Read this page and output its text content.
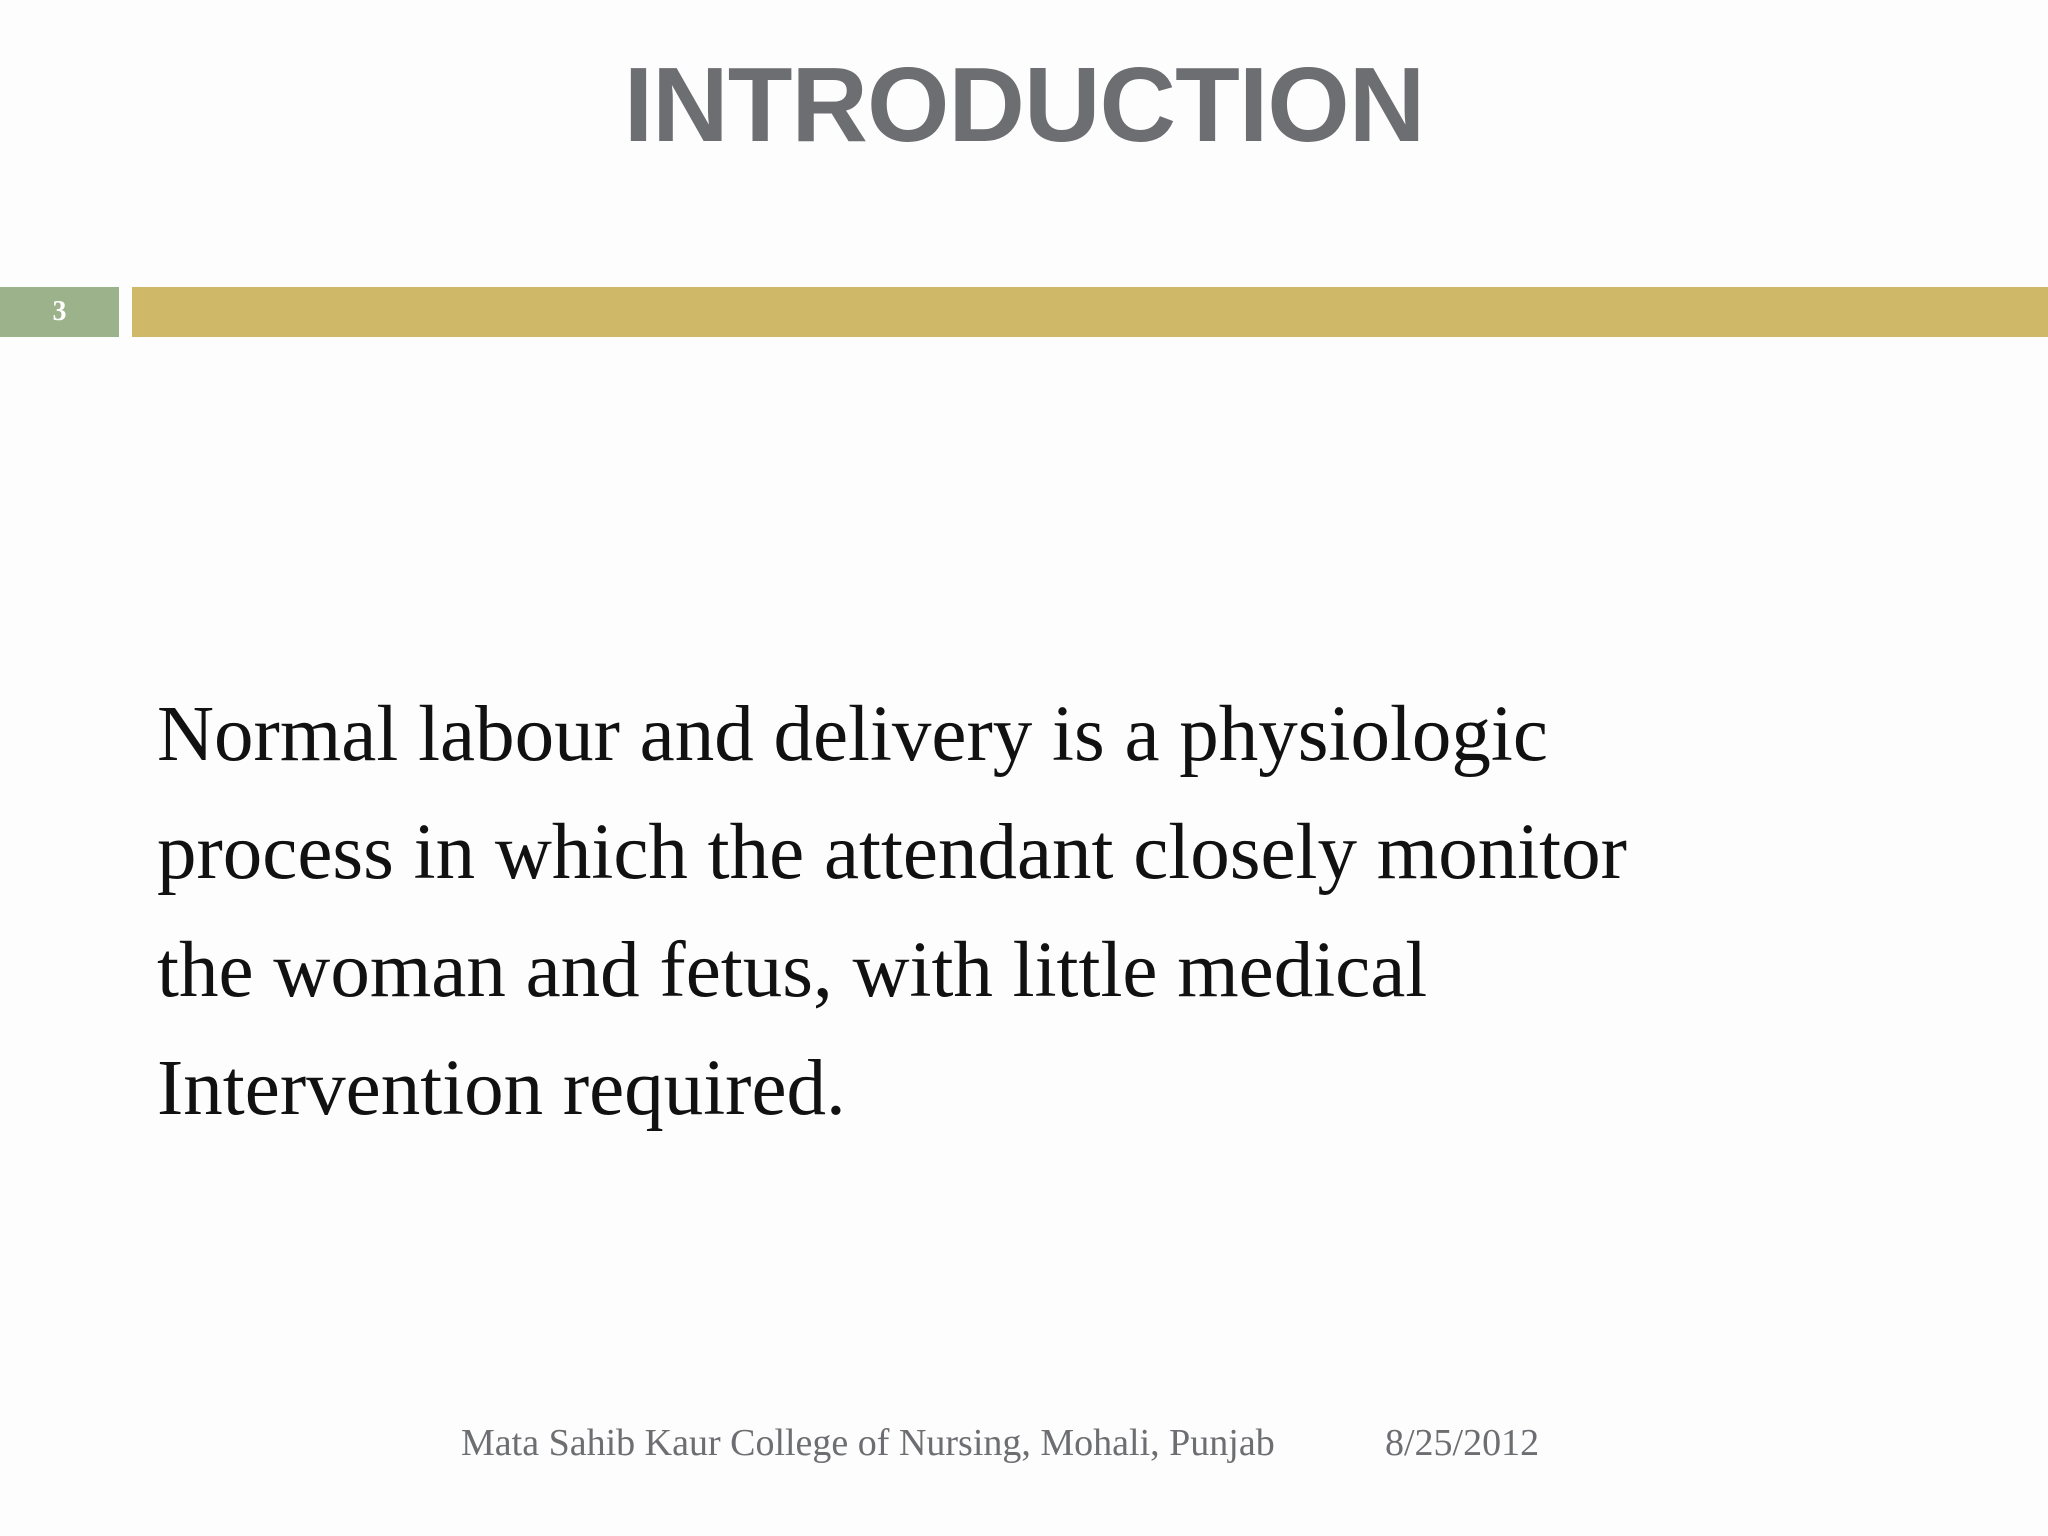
INTRODUCTION
3
Normal labour and delivery is a physiologic
process in which the attendant closely monitor
the woman and fetus, with little medical
Intervention required.
Mata Sahib Kaur College of Nursing, Mohali, Punjab	8/25/2012
